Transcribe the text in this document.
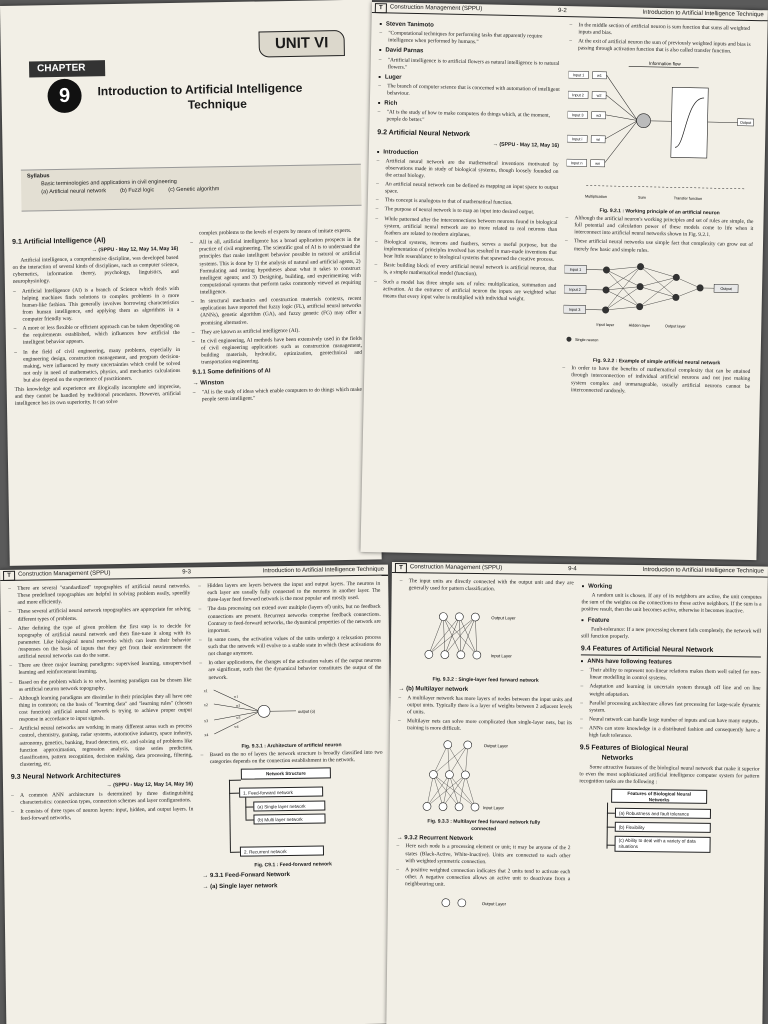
UNIT VI
CHAPTER
9	Introduction to Artificial Intelligence
Technique
Syllabus
Basic terminologies and applications in civil engineering
(a) Artificial neural network	(b) Fuzzl logic	(c) Genetic algorithm
9.1 Artificial Intelligence (AI)
→ (SPPU - May 12, May 14, May 16)
Artificial intelligence, a comprehensive discipline, was developed based on the interaction of several kinds of disciplines, such as computer science, cybernetics, information theory, psychology, linguistics, and neurophysiology.
–	Artificial Intelligence (AI) is a branch of Science which deals with helping machines finds solutions to complex problems in a more human-like fashion. This generally involves borrowing characteristics from human intelligence, and applying them as algorithms in a computer friendly way.
–	A more or less flexible or efficient approach can be taken depending on the requirements established, which influences how artificial the intelligent behavior appears.
–	In the field of civil engineering, many problems, especially in engineering design, construction management, and program decision-making, were influenced by many uncertainties which could be solved not only in need of mathematics, physics, and mechanics calculations but also depend on the experience of practitioners.
This knowledge and experience are illogically incomplete and imprecise, and they cannot be handled by traditional procedures. However, artificial intelligence has its own superiority. It can solve
complex problems to the levels of experts by means of imitate experts.
–	All in all, artificial intelligence has a broad application prospects in the practice of civil engineering. The scientific goal of AI is to understand the principles that make intelligent behavior possible in natural or artificial systems. This is done by 1) the analysis of natural and artificial agents, 2) Formulating and testing hypotheses about what it takes to construct intelligent agents; and 3) Designing, building, and experimenting with computational systems that perform tasks commonly viewed as requiring intelligence.
–	In structural mechanics and construction materials contexts, recent applications have reported that fuzzy logic (FL), artificial neural networks (ANNs), genetic algorithm (GA), and fuzzy genetic (FG) may offer a promising alternative.
–	They are known as artificial intelligence (AI).
–	In civil engineering, AI methods have been extensively used in the fields of civil engineering applications such as construction management, building materials, hydraulic, optimization, geotechnical and transportation engineering.
9.1.1 Some definitions of AI
→ Winston
–	"AI is the study of ideas which enable computers to do things which make people seem intelligent."
T	Construction Management (SPPU)	9-2	Introduction to Artificial Intelligence Technique
■ Steven Tanimoto
–	"Computational techniques for performing tasks that apparently require intelligence when performed by humans."
■ David Parnas
–	"Artificial intelligence is to artificial flowers as natural intelligence is to natural flowers."
■ Luger
–	The branch of computer science that is concerned with automation of intelligent behaviour.
■ Rich
–	"AI is the study of how to make computers do things which, at the moment, people do better."
9.2 Artificial Neural Network
→ (SPPU - May 12, May 16)
■ Introduction
–	Artificial neural network are the mathematical inventions motivated by observations made in study of biological systems, though loosely founded on the actual biology.
–	An artificial neural network can be defined as mapping an input space to output space.
–	This concept is analogous to that of mathematical function.
–	The purpose of neural network is to map an input into desired output.
–	While patterned after the interconnections between neurons found in biological system, artificial neural network are no more related to real neurons than feathers are related to modern airplanes.
–	Biological systems, neurons and feathers, serves a useful purpose, but the implementation of principles involved has resulted in man-made inventions that bear little resemblance to biological systems that spawned the creative process.
–	Basic building block of every artificial neural network is artificial neuron, that is, a simple mathematical model (function).
–	Such a model has three simple sets of rules: multiplication, summation and activation. At the entrance of artificial neuron the inputs are weighted what means that every input value is multiplied with individual weight.
–	In the middle section of artificial neuron is sum function that sums all weighted inputs and bias.
–	At the exit of artificial neuron the sum of previously weighted inputs and bias is passing through activation function that is also called transfer function.
Information flow
Input 1
Input 2
Input 3
Input i
Input n
w1
w2
w3
wi
wn
Output
Multiplication	Sum	Transfer function
Fig. 9.2.1 : Working principle of an artificial neuron
–	Although the artificial neuron's working principles and set of rules are simple, the full potential and calculation power of these models come to life when it interconnect into artificial neural networks shown in Fig. 9.2.1.
–	These artificial neural networks use simple fact that complexity can grow out of merely few basic and simple rules.
Input 1
Input 2
Input 3
Output
Input layer	Hidden layer	Output layer
Single neuron
Fig. 9.2.2 : Example of simple artificial neural network
–	In order to have the benefits of mathematical complexity that can be attained through interconnection of individual artificial neurons and not just making system complex and unmanageable, usually artificial neurons cannot be interconnected randomly.
T	Construction Management (SPPU)	9-3	Introduction to Artificial Intelligence Technique
–	There are several "standardized" topographies of artificial neural networks. These predefined topographies are helpful in solving problem easily, speedily and more efficiently.
–	These several artificial neural network topographies are appropriate for solving different types of problems.
–	After defining the type of given problem the first step is to decide for topography of artificial neural network and then fine-tune it along with its parameter. Like biological neural networks which can learn their behavior /responses on the basis of inputs that they get from their environment the artificial neural networks can do the same.
–	There are three major learning paradigms: supervised learning, unsupervised learning and reinforcement learning.
–	Based on the problem which is to solve, learning paradigm can be chosen like as artificial neuron network topography.
–	Although learning paradigms are dissimilar in their principles they all have one thing in common; on the basis of "learning data" and "learning rules" (chosen cost function) artificial neural network is trying to achieve proper output response in accordance to input signals.
–	Artificial neural networks are working in many different areas such as process control, chemistry, gaming, radar systems, automotive industry, space industry, astronomy, genetics, banking, fraud detection, etc. and solving of problems like function approximation, regression analysis, time series prediction, classification, pattern recognition, decision making, data processing, filtering, clustering, etc.
9.3 Neural Network Architectures
→ (SPPU - May 12, May 14, May 16)
–	A common ANN architecture is determined by three distinguishing characteristics: connection types, connection schemes and layer configurations.
–	It consists of three types of neuron layers: input, hidden, and output layers. In feed-forward networks,
–	Hidden layers are layers between the input and output layers. The neurons in each layer are usually fully connected to the neurons in another layer. The three-layer feed forward network is the most popular and mostly used.
–	The data processing can extend over multiple (layers of) units, but no feedback connections are present. Recurrent networks comprise feedback connections. Contrary to feed-forward networks, the dynamical properties of the network are important.
–	In some cases, the activation values of the units undergo a relaxation process such that the network will evolve to a stable state in which these activations do not change anymore.
–	In other applications, the changes of the activation values of the output neurons are significant, such that the dynamical behavior constitutes the output of the network.
x1
x2
x3
x4
w1
w2
w3
w4
output (o)
Fig. 9.3.1 : Architecture of artificial neuron
–	Based on the no of layers the network structure is broadly classified into two categories depends on the connection establishment in the network.
Network Structure
1. Feed-forward network
(a) Single layer network
(b) Multi layer network
2. Recurrent network
Fig. C9.1 : Feed-forward network
→ 9.3.1 Feed-Forward Network
→ (a) Single layer network
T	Construction Management (SPPU)	9-4	Introduction to Artificial Intelligence Technique
–	The input units are directly connected with the output unit and they are generally used for pattern classification.
Output Layer
Input Layer
Fig. 9.3.2 : Single-layer feed forward network
→ (b) Multilayer network
–	A multilayer network has more layers of nodes between the input units and output units. Typically there is a layer of weights between 2 adjacent levels of units.
–	Multilayer nets can solve more complicated than single-layer nets, but its training is more difficult.
Output Layer
Input Layer
Fig. 9.3.3 : Multilayer feed forward network fully
connected
→ 9.3.2 Recurrent Network
–	Here each node is a processing element or unit; it may be anyone of the 2 states (Black-Active, White-Inactive). Units are connected to each other with weighted symmetric connection.
–	A positive weighted connection indicates that 2 units tend to activate each other. A negative connection allows an active unit to deactivate from a neighbouring unit.
Output Layer
■ Working
A random unit is chosen. If any of its neighbors are active, the unit computes the sum of the weights on the connections to those active neighbors. If the sum is a positive result, then the unit becomes active, otherwise it becomes inactive.
■ Feature
Fault-tolerance: If a new processing element fails completely, the network will still function properly.
9.4 Features of Artificial Neural Network
■ ANNs have following features
–	Their ability to represent non-linear relations makes them well suited for non-linear modelling in control systems.
–	Adaptation and learning in uncertain system through off line and on line weight adaptation.
–	Parallel processing architecture allows fast processing for large-scale dynamic system.
–	Neural network can handle large number of inputs and can have many outputs.
–	ANNs can store knowledge in a distributed fashion and consequently have a high fault tolerance.
9.5 Features of Biological Neural
Networks
Some attractive features of the biological neural network that make it superior to even the most sophisticated artificial intelligence computer system for pattern recognition tasks are the following :
Features of Biological Neural Networks
(a) Robustness and fault tolerance
(b) Flexibility
(c) Ability to deal with a variety of data situations
